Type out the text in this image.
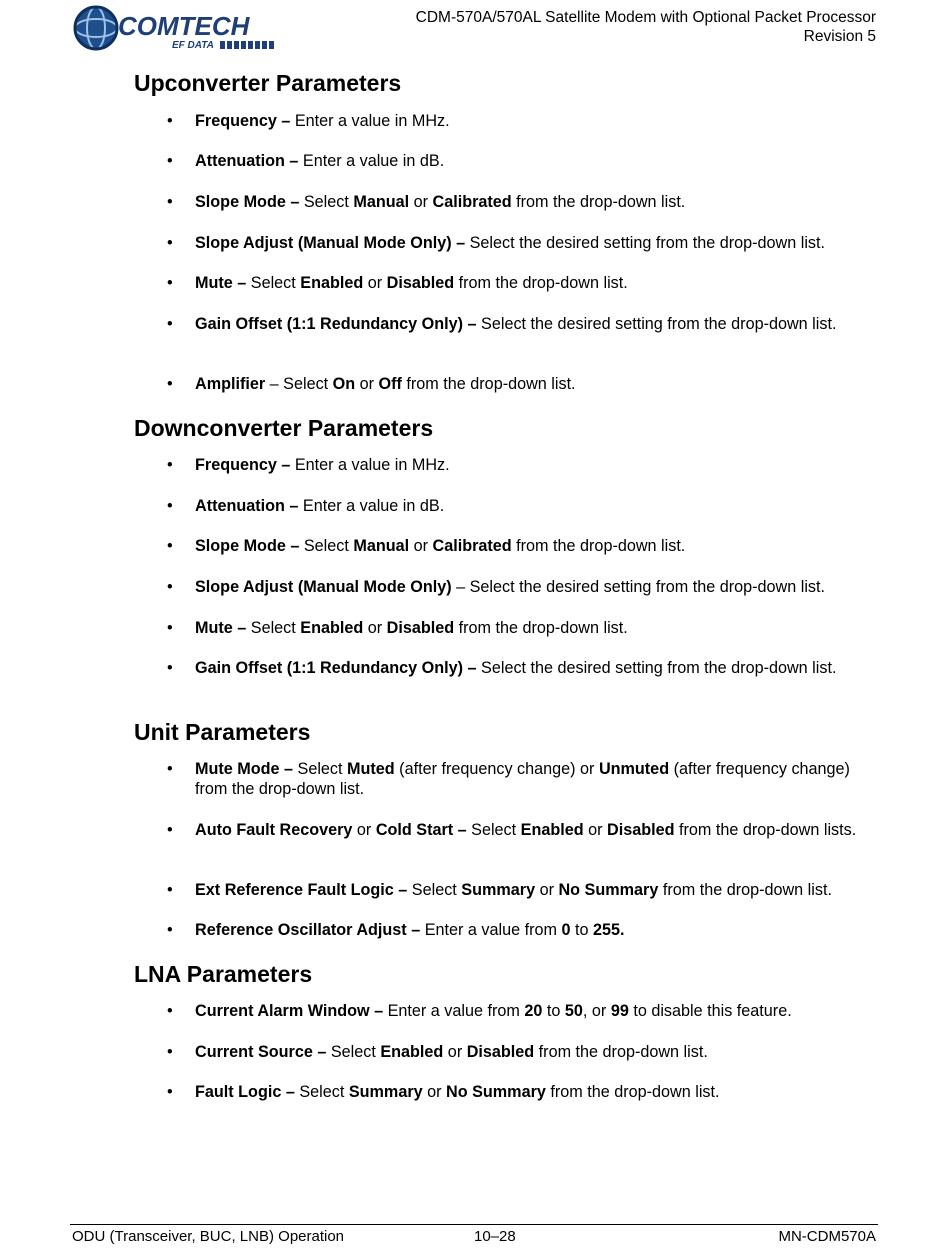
COMTECH
EF DATA
CDM-570A/570AL Satellite Modem with Optional Packet Processor
Revision 5
Upconverter Parameters
• Frequency – Enter a value in MHz.
• Attenuation – Enter a value in dB.
• Slope Mode – Select Manual or Calibrated from the drop-down list.
• Slope Adjust (Manual Mode Only) – Select the desired setting from the drop-down list.
• Mute – Select Enabled or Disabled from the drop-down list.
• Gain Offset (1:1 Redundancy Only) – Select the desired setting from the drop-down list.
• Amplifier – Select On or Off from the drop-down list.
Downconverter Parameters
• Frequency – Enter a value in MHz.
• Attenuation – Enter a value in dB.
• Slope Mode – Select Manual or Calibrated from the drop-down list.
• Slope Adjust (Manual Mode Only) – Select the desired setting from the drop-down list.
• Mute – Select Enabled or Disabled from the drop-down list.
• Gain Offset (1:1 Redundancy Only) – Select the desired setting from the drop-down list.
Unit Parameters
• Mute Mode – Select Muted (after frequency change) or Unmuted (after frequency change) from the drop-down list.
• Auto Fault Recovery or Cold Start – Select Enabled or Disabled from the drop-down lists.
• Ext Reference Fault Logic – Select Summary or No Summary from the drop-down list.
• Reference Oscillator Adjust – Enter a value from 0 to 255.
LNA Parameters
• Current Alarm Window – Enter a value from 20 to 50, or 99 to disable this feature.
• Current Source – Select Enabled or Disabled from the drop-down list.
• Fault Logic – Select Summary or No Summary from the drop-down list.
ODU (Transceiver, BUC, LNB) Operation	10–28	MN-CDM570A
